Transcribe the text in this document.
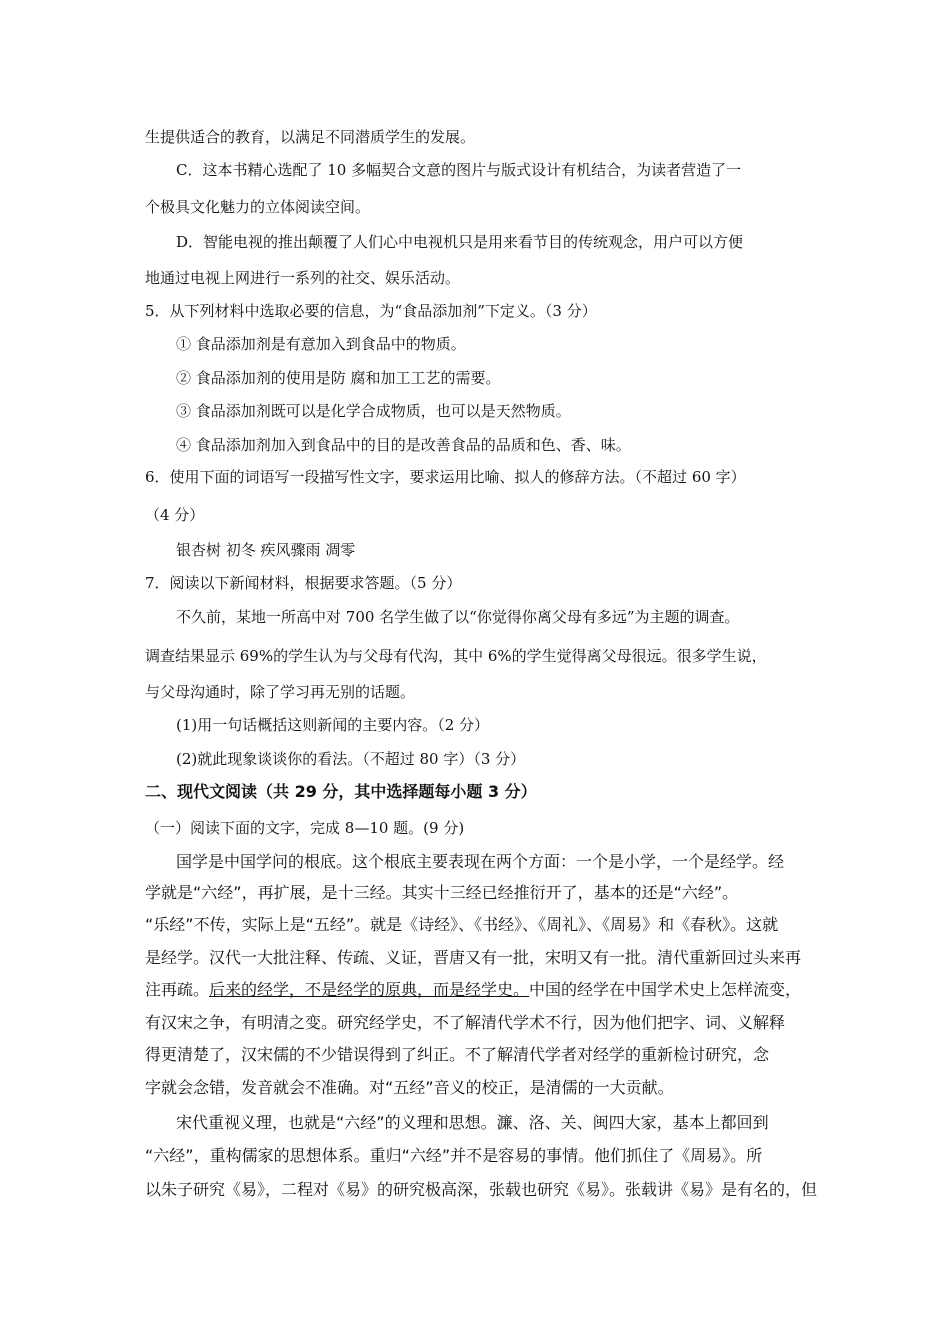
生提供适合的教育，以满足不同潜质学生的发展。
C．这本书精心选配了 10 多幅契合文意的图片与版式设计有机结合，为读者营造了一
个极具文化魅力的立体阅读空间。
D．智能电视的推出颠覆了人们心中电视机只是用来看节目的传统观念，用户可以方便
地通过电视上网进行一系列的社交、娱乐活动。
5．从下列材料中选取必要的信息，为“食品添加剂”下定义。（3 分）
① 食品添加剂是有意加入到食品中的物质。
② 食品添加剂的使用是防 腐和加工工艺的需要。
③ 食品添加剂既可以是化学合成物质，也可以是天然物质。
④ 食品添加剂加入到食品中的目的是改善食品的品质和色、香、味。
6．使用下面的词语写一段描写性文字，要求运用比喻、拟人的修辞方法。（不超过 60 字）
（4 分）
银杏树 初冬 疾风骤雨 凋零
7．阅读以下新闻材料，根据要求答题。（5 分）
不久前，某地一所高中对 700 名学生做了以“你觉得你离父母有多远”为主题的调查。
调查结果显示 69%的学生认为与父母有代沟，其中 6%的学生觉得离父母很远。很多学生说，
与父母沟通时，除了学习再无别的话题。
(1)用一句话概括这则新闻的主要内容。（2 分）
(2)就此现象谈谈你的看法。（不超过 80 字）（3 分）
二、现代文阅读（共 29 分，其中选择题每小题 3 分）
（一）阅读下面的文字，完成 8—10 题。(9 分)
国学是中国学问的根底。这个根底主要表现在两个方面：一个是小学，一个是经学。经
学就是“六经”，再扩展，是十三经。其实十三经已经推衍开了，基本的还是“六经”。
“乐经”不传，实际上是“五经”。就是《诗经》、《书经》、《周礼》、《周易》和《春秋》。这就
是经学。汉代一大批注释、传疏、义证，晋唐又有一批，宋明又有一批。清代重新回过头来再
注再疏。后来的经学，不是经学的原典，而是经学史。中国的经学在中国学术史上怎样流变，
有汉宋之争，有明清之变。研究经学史，不了解清代学术不行，因为他们把字、词、义解释
得更清楚了，汉宋儒的不少错误得到了纠正。不了解清代学者对经学的重新检讨研究，念
字就会念错，发音就会不准确。对“五经”音义的校正，是清儒的一大贡献。
宋代重视义理，也就是“六经”的义理和思想。濂、洛、关、闽四大家，基本上都回到
“六经”，重构儒家的思想体系。重归“六经”并不是容易的事情。他们抓住了《周易》。所
以朱子研究《易》，二程对《易》的研究极高深，张载也研究《易》。张载讲《易》是有名的，但
